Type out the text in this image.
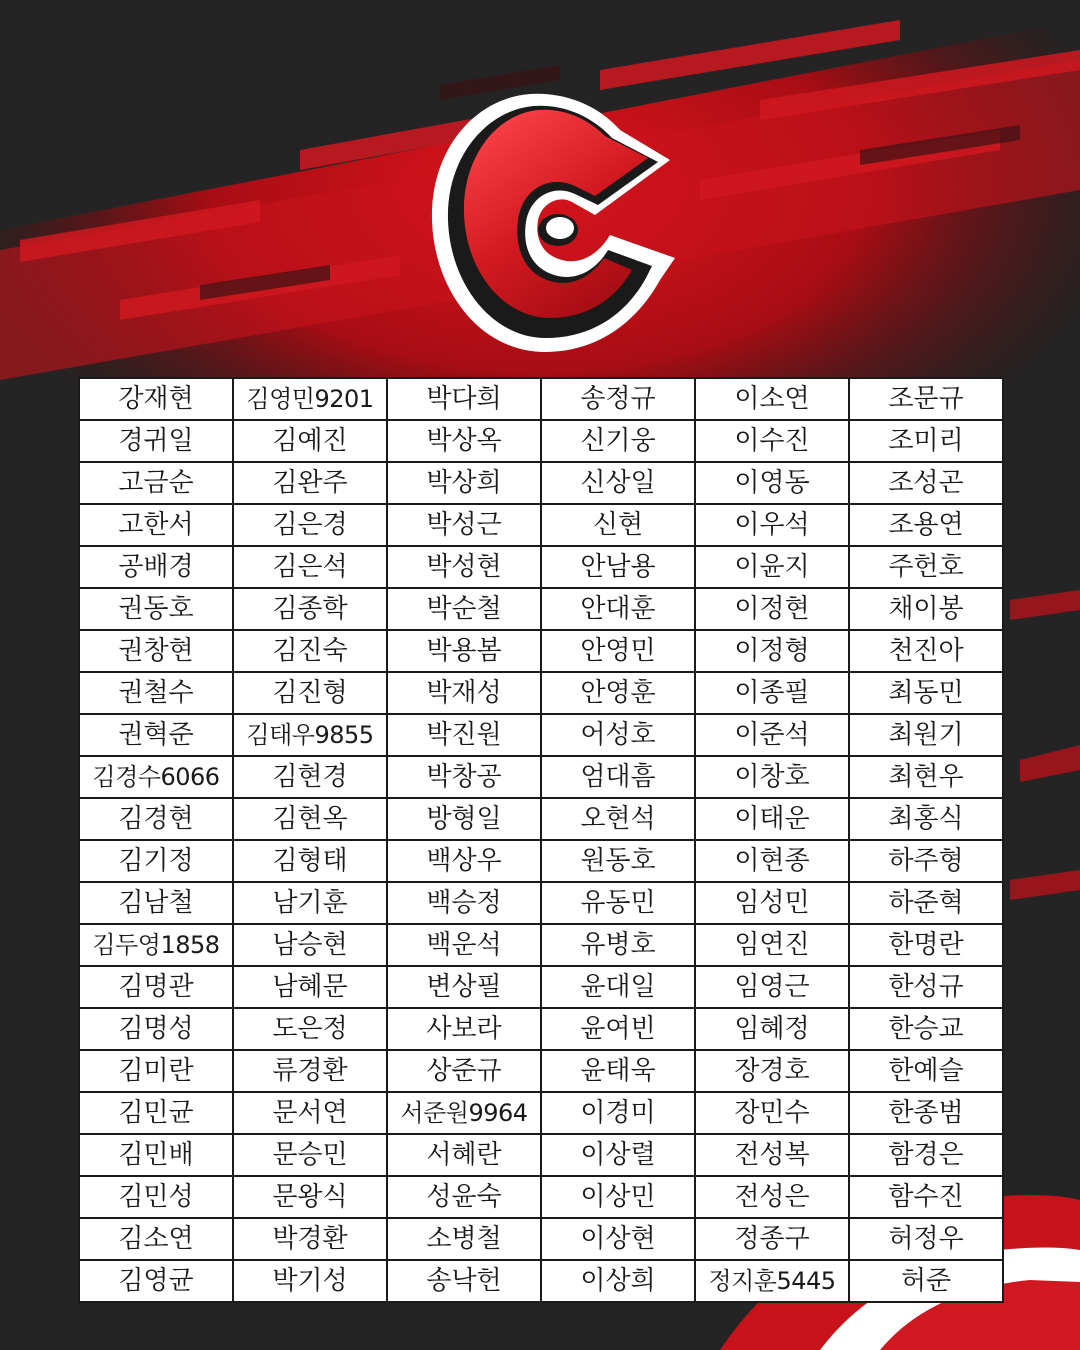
강재현	김영민9201	박다희	송정규	이소연	조문규
경귀일	김예진	박상옥	신기웅	이수진	조미리
고금순	김완주	박상희	신상일	이영동	조성곤
고한서	김은경	박성근	신현	이우석	조용연
공배경	김은석	박성현	안남용	이윤지	주헌호
권동호	김종학	박순철	안대훈	이정현	채이봉
권창현	김진숙	박용봄	안영민	이정형	천진아
권철수	김진형	박재성	안영훈	이종필	최동민
권혁준	김태우9855	박진원	어성호	이준석	최원기
김경수6066	김현경	박창공	엄대흠	이창호	최현우
김경현	김현옥	방형일	오현석	이태운	최홍식
김기정	김형태	백상우	원동호	이현종	하주형
김남철	남기훈	백승정	유동민	임성민	하준혁
김두영1858	남승현	백운석	유병호	임연진	한명란
김명관	남혜문	변상필	윤대일	임영근	한성규
김명성	도은정	사보라	윤여빈	임혜정	한승교
김미란	류경환	상준규	윤태욱	장경호	한예슬
김민균	문서연	서준원9964	이경미	장민수	한종범
김민배	문승민	서혜란	이상렬	전성복	함경은
김민성	문왕식	성윤숙	이상민	전성은	함수진
김소연	박경환	소병철	이상현	정종구	허정우
김영균	박기성	송낙헌	이상희	정지훈5445	허준
